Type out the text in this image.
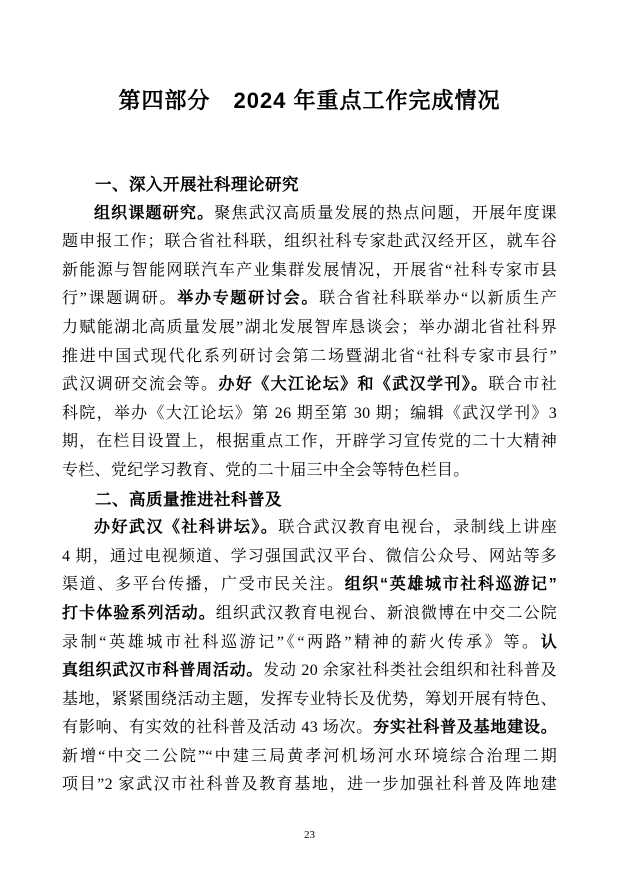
第四部分　2024 年重点工作完成情况
一、深入开展社科理论研究
组织课题研究。聚焦武汉高质量发展的热点问题，开展年度课
题申报工作；联合省社科联，组织社科专家赴武汉经开区，就车谷
新能源与智能网联汽车产业集群发展情况，开展省“社科专家市县
行”课题调研。举办专题研讨会。联合省社科联举办“以新质生产
力赋能湖北高质量发展”湖北发展智库恳谈会；举办湖北省社科界
推进中国式现代化系列研讨会第二场暨湖北省“社科专家市县行”
武汉调研交流会等。办好《大江论坛》和《武汉学刊》。联合市社
科院，举办《大江论坛》第 26 期至第 30 期；编辑《武汉学刊》3
期，在栏目设置上，根据重点工作，开辟学习宣传党的二十大精神
专栏、党纪学习教育、党的二十届三中全会等特色栏目。
二、高质量推进社科普及
办好武汉《社科讲坛》。联合武汉教育电视台，录制线上讲座
4 期，通过电视频道、学习强国武汉平台、微信公众号、网站等多
渠道、多平台传播，广受市民关注。组织“英雄城市社科巡游记”
打卡体验系列活动。组织武汉教育电视台、新浪微博在中交二公院
录制“英雄城市社科巡游记”《“两路”精神的薪火传承》等。认
真组织武汉市科普周活动。发动 20 余家社科类社会组织和社科普及
基地，紧紧围绕活动主题，发挥专业特长及优势，筹划开展有特色、
有影响、有实效的社科普及活动 43 场次。夯实社科普及基地建设。
新增“中交二公院”“中建三局黄孝河机场河水环境综合治理二期
项目”2 家武汉市社科普及教育基地，进一步加强社科普及阵地建
23
